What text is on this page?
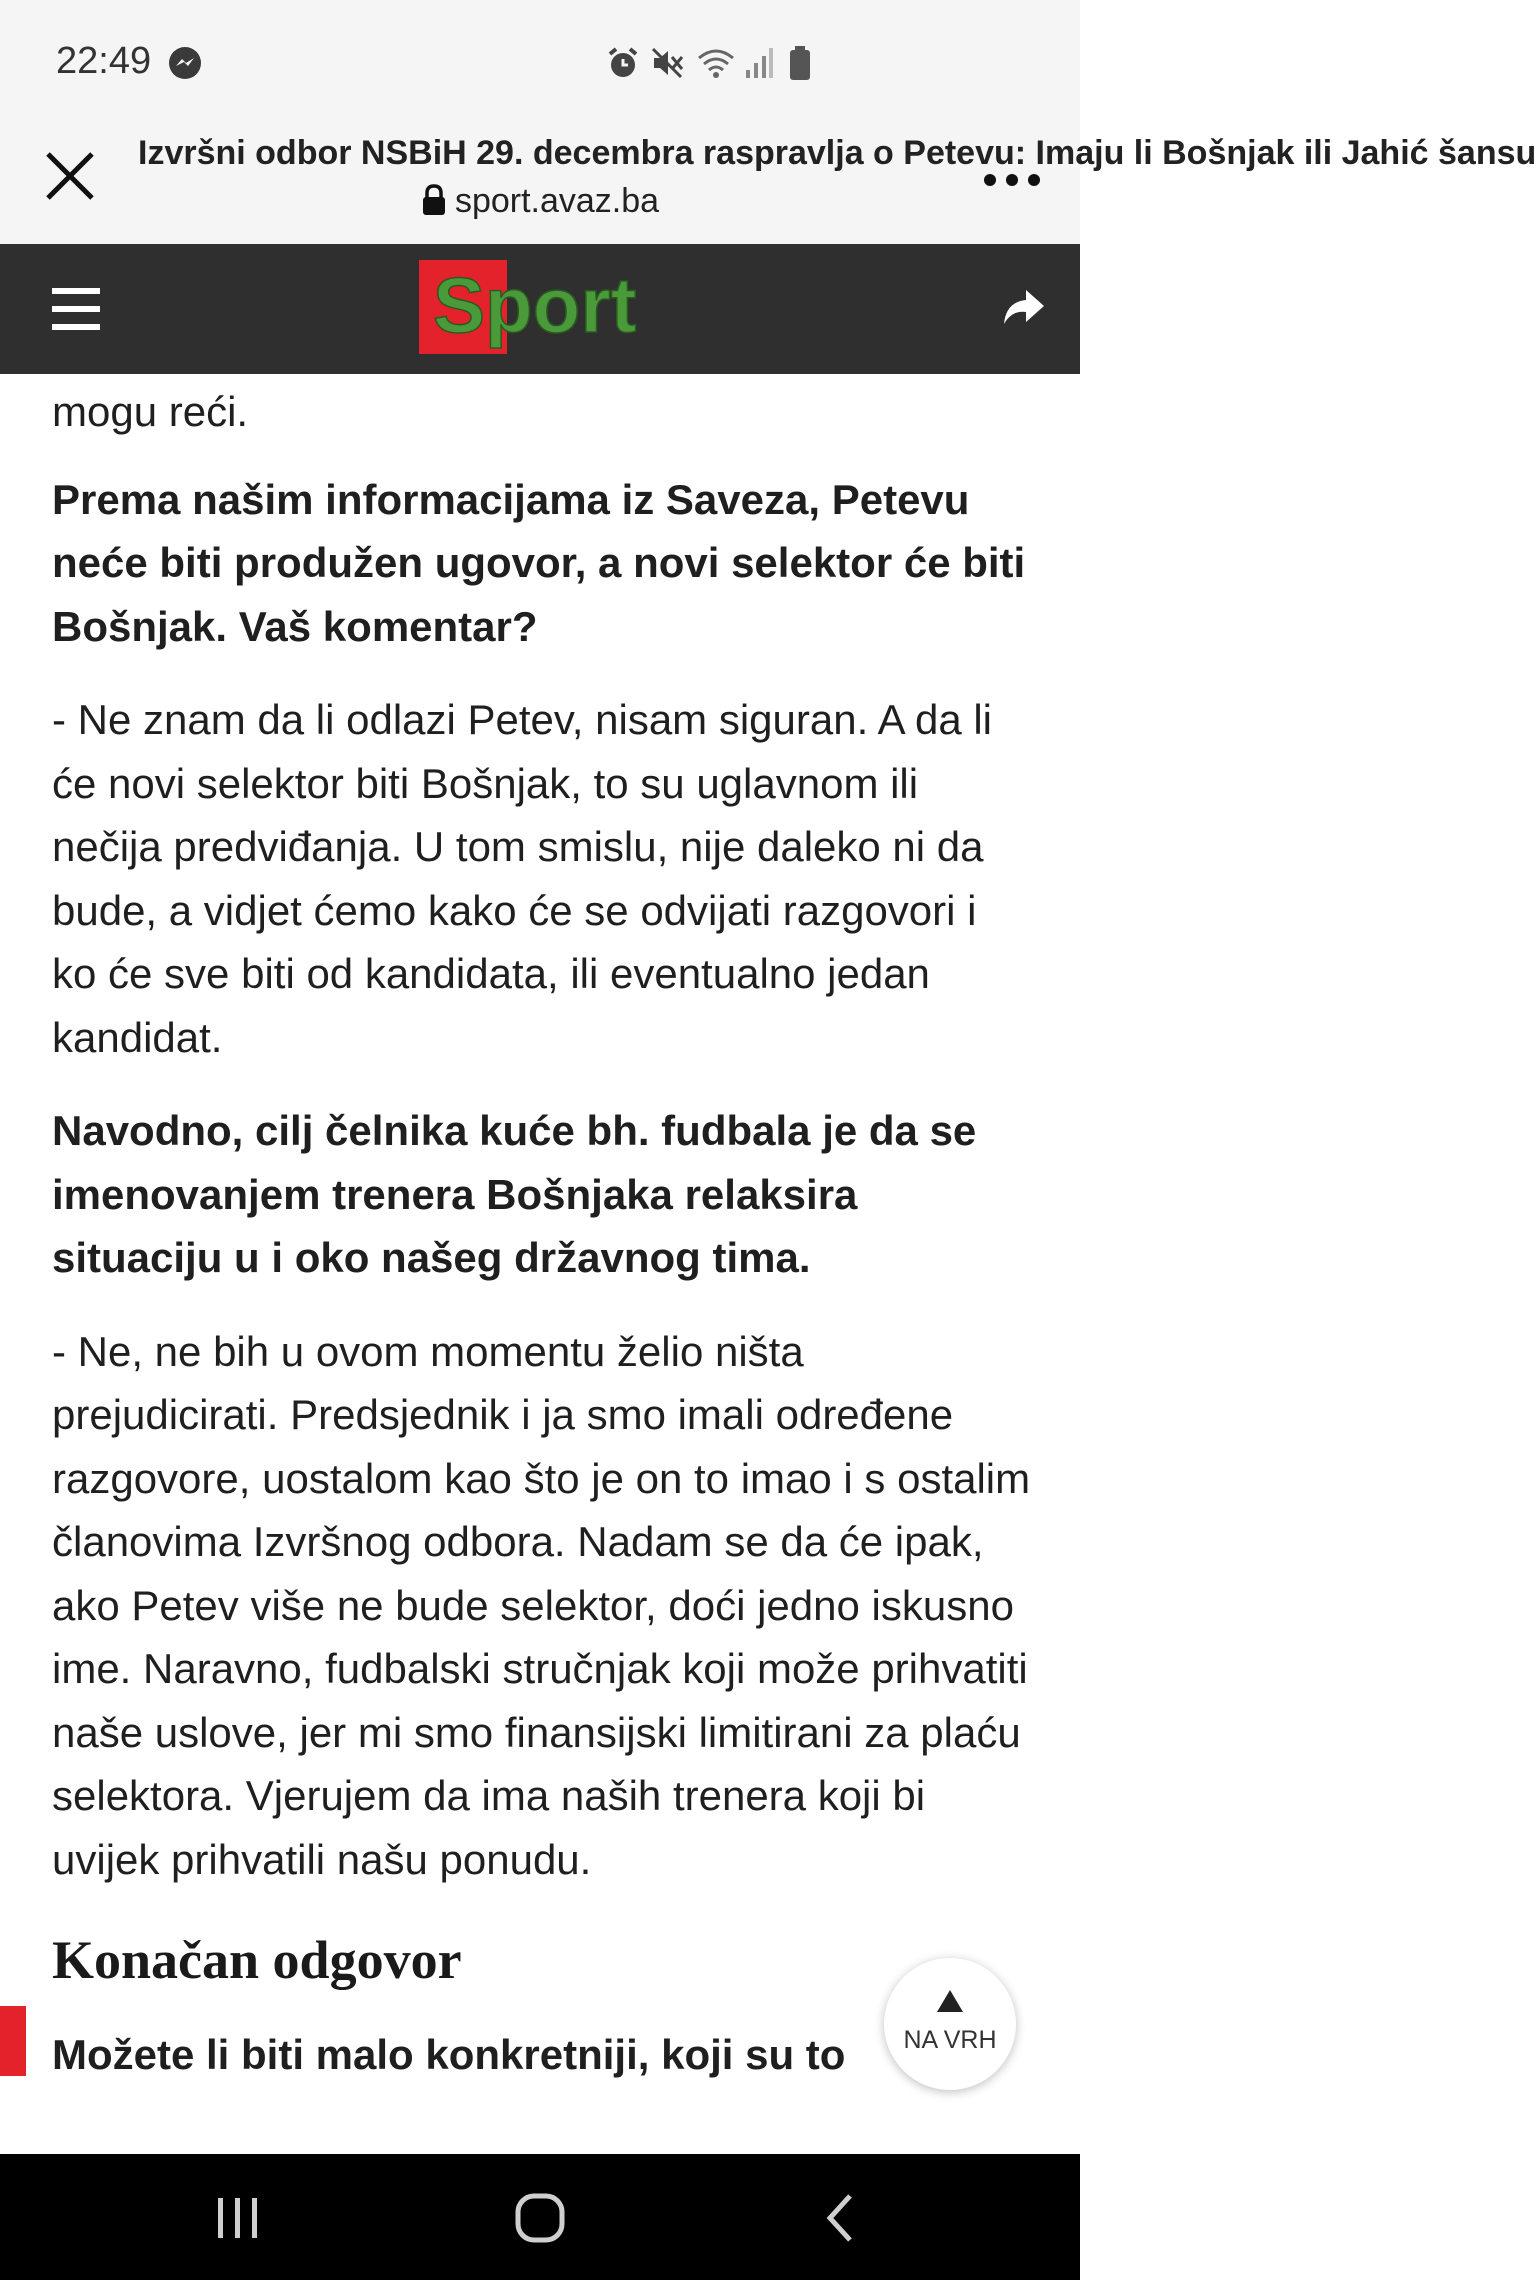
22:49
Izvršni odbor NSBiH 29. decembra raspravlja o Petevu: Imaju li Bošnjak ili Jahić šansu
sport.avaz.ba
Sport

mogu reći.

Prema našim informacijama iz Saveza, Petevu neće biti produžen ugovor, a novi selektor će biti Bošnjak. Vaš komentar?

- Ne znam da li odlazi Petev, nisam siguran. A da li će novi selektor biti Bošnjak, to su uglavnom ili nečija predviđanja. U tom smislu, nije daleko ni da bude, a vidjet ćemo kako će se odvijati razgovori i ko će sve biti od kandidata, ili eventualno jedan kandidat.

Navodno, cilj čelnika kuće bh. fudbala je da se imenovanjem trenera Bošnjaka relaksira situaciju u i oko našeg državnog tima.

- Ne, ne bih u ovom momentu želio ništa prejudicirati. Predsjednik i ja smo imali određene razgovore, uostalom kao što je on to imao i s ostalim članovima Izvršnog odbora. Nadam se da će ipak, ako Petev više ne bude selektor, doći jedno iskusno ime. Naravno, fudbalski stručnjak koji može prihvatiti naše uslove, jer mi smo finansijski limitirani za plaću selektora. Vjerujem da ima naših trenera koji bi uvijek prihvatili našu ponudu.

Konačan odgovor

Možete li biti malo konkretniji, koji su to	NA VRH
